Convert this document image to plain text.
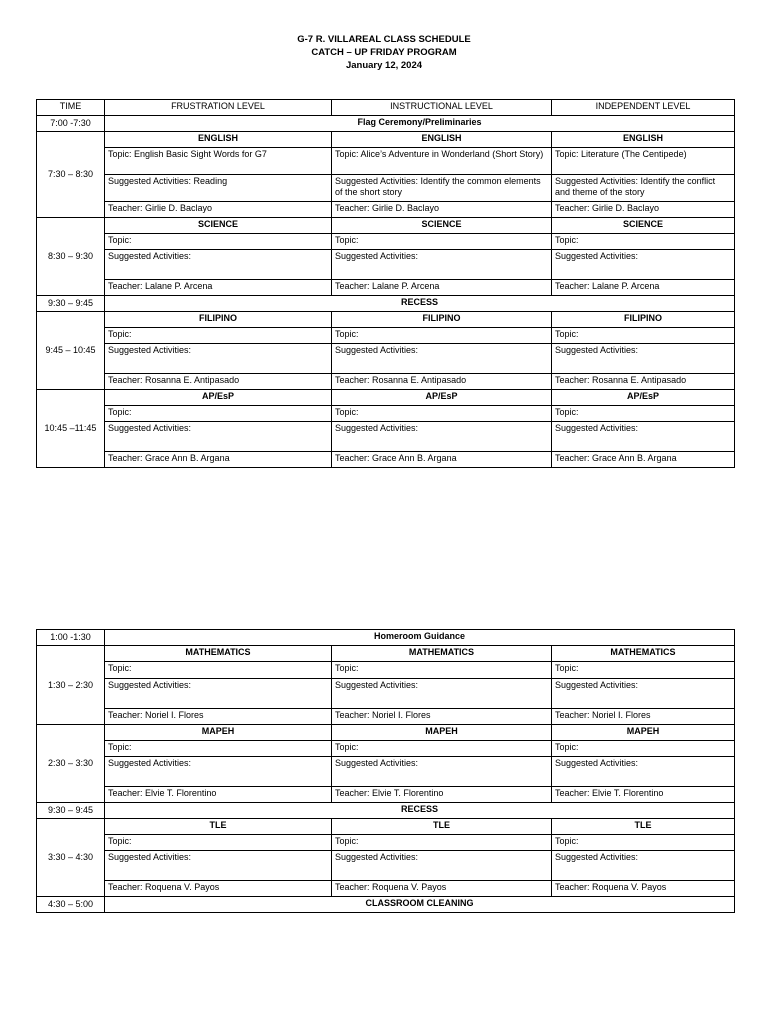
G-7 R. VILLAREAL CLASS SCHEDULE
CATCH – UP FRIDAY PROGRAM
January 12, 2024
TIME	FRUSTRATION LEVEL	INSTRUCTIONAL LEVEL	INDEPENDENT LEVEL
7:00 -7:30	Flag Ceremony/Preliminaries		
7:30 – 8:30	ENGLISH	ENGLISH	ENGLISH
	Topic: English Basic Sight Words for G7	Topic: Alice’s Adventure in Wonderland (Short Story)	Topic: Literature (The Centipede)
	Suggested Activities: Reading	Suggested Activities: Identify the common elements of the short story	Suggested Activities: Identify the conflict and theme of the story
	Teacher: Girlie D. Baclayo	Teacher: Girlie D. Baclayo	Teacher: Girlie D. Baclayo
8:30 – 9:30	SCIENCE	SCIENCE	SCIENCE
	Topic:	Topic:	Topic:
	Suggested Activities:	Suggested Activities:	Suggested Activities:
	Teacher: Lalane P. Arcena	Teacher: Lalane P. Arcena	Teacher: Lalane P. Arcena
9:30 – 9:45	RECESS		
9:45 – 10:45	FILIPINO	FILIPINO	FILIPINO
	Topic:	Topic:	Topic:
	Suggested Activities:	Suggested Activities:	Suggested Activities:
	Teacher: Rosanna E. Antipasado	Teacher: Rosanna E. Antipasado	Teacher: Rosanna E. Antipasado
10:45 –11:45	AP/EsP	AP/EsP	AP/EsP
	Topic:	Topic:	Topic:
	Suggested Activities:	Suggested Activities:	Suggested Activities:
	Teacher: Grace Ann B. Argana	Teacher: Grace Ann B. Argana	Teacher: Grace Ann B. Argana
1:00 -1:30	Homeroom Guidance		
1:30 – 2:30	MATHEMATICS	MATHEMATICS	MATHEMATICS
	Topic:	Topic:	Topic:
	Suggested Activities:	Suggested Activities:	Suggested Activities:
	Teacher: Noriel I. Flores	Teacher: Noriel I. Flores	Teacher: Noriel I. Flores
2:30 – 3:30	MAPEH	MAPEH	MAPEH
	Topic:	Topic:	Topic:
	Suggested Activities:	Suggested Activities:	Suggested Activities:
	Teacher: Elvie T. Florentino	Teacher: Elvie T. Florentino	Teacher: Elvie T. Florentino
9:30 – 9:45	RECESS		
3:30 – 4:30	TLE	TLE	TLE
	Topic:	Topic:	Topic:
	Suggested Activities:	Suggested Activities:	Suggested Activities:
	Teacher: Roquena V. Payos	Teacher: Roquena V. Payos	Teacher: Roquena V. Payos
4:30 – 5:00	CLASSROOM CLEANING		
